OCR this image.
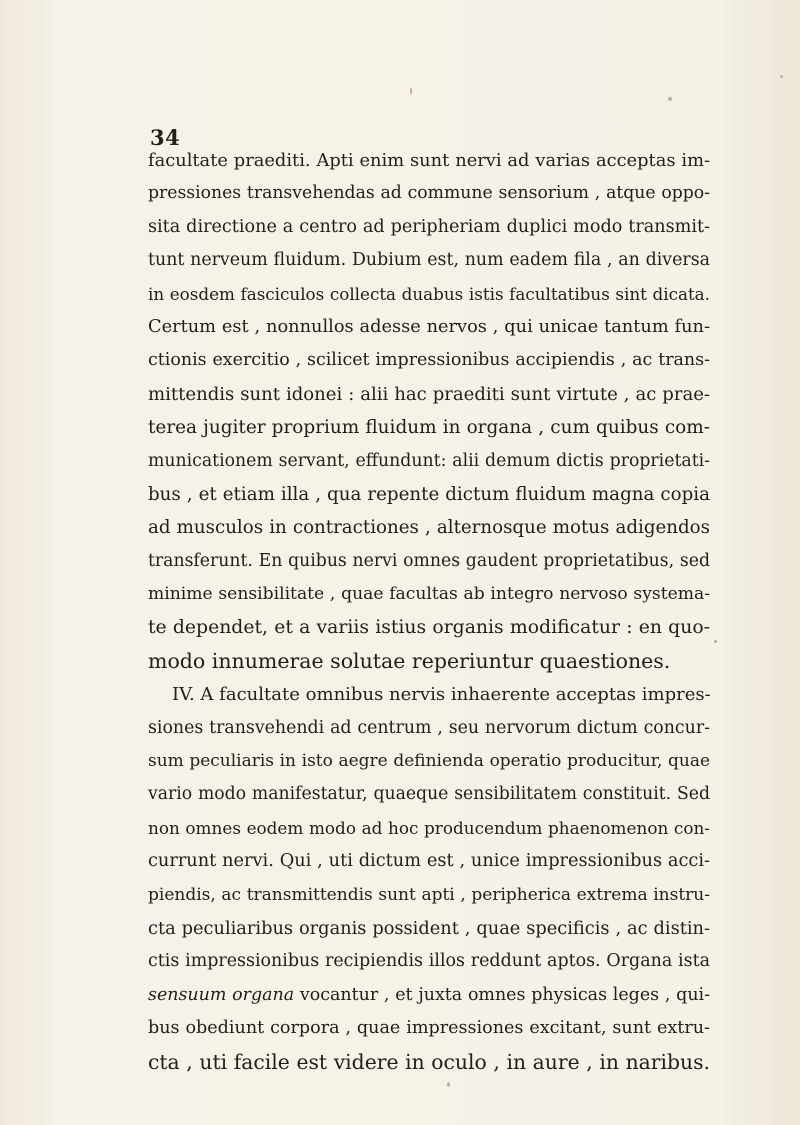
34
facultate praediti. Apti enim sunt nervi ad varias acceptas im-
pressiones transvehendas ad commune sensorium , atque oppo-
sita directione a centro ad peripheriam duplici modo transmit-
tunt nerveum fluidum. Dubium est, num eadem fila , an diversa
in eosdem fasciculos collecta duabus istis facultatibus sint dicata.
Certum est , nonnullos adesse nervos , qui unicae tantum fun-
ctionis exercitio , scilicet impressionibus accipiendis , ac trans-
mittendis sunt idonei : alii hac praediti sunt virtute , ac prae-
terea jugiter proprium fluidum in organa , cum quibus com-
municationem servant, effundunt: alii demum dictis proprietati-
bus , et etiam illa , qua repente dictum fluidum magna copia
ad musculos in contractiones , alternosque motus adigendos
transferunt. En quibus nervi omnes gaudent proprietatibus, sed
minime sensibilitate , quae facultas ab integro nervoso systema-
te dependet, et a variis istius organis modificatur : en quo-
modo innumerae solutae reperiuntur quaestiones.
IV. A facultate omnibus nervis inhaerente acceptas impres-
siones transvehendi ad centrum , seu nervorum dictum concur-
sum peculiaris in isto aegre definienda operatio producitur, quae
vario modo manifestatur, quaeque sensibilitatem constituit. Sed
non omnes eodem modo ad hoc producendum phaenomenon con-
currunt nervi. Qui , uti dictum est , unice impressionibus acci-
piendis, ac transmittendis sunt apti , peripherica extrema instru-
cta peculiaribus organis possident , quae specificis , ac distin-
ctis impressionibus recipiendis illos reddunt aptos. Organa ista
sensuum organa vocantur , et juxta omnes physicas leges , qui-
bus obediunt corpora , quae impressiones excitant, sunt extru-
cta , uti facile est videre in oculo , in aure , in naribus.
